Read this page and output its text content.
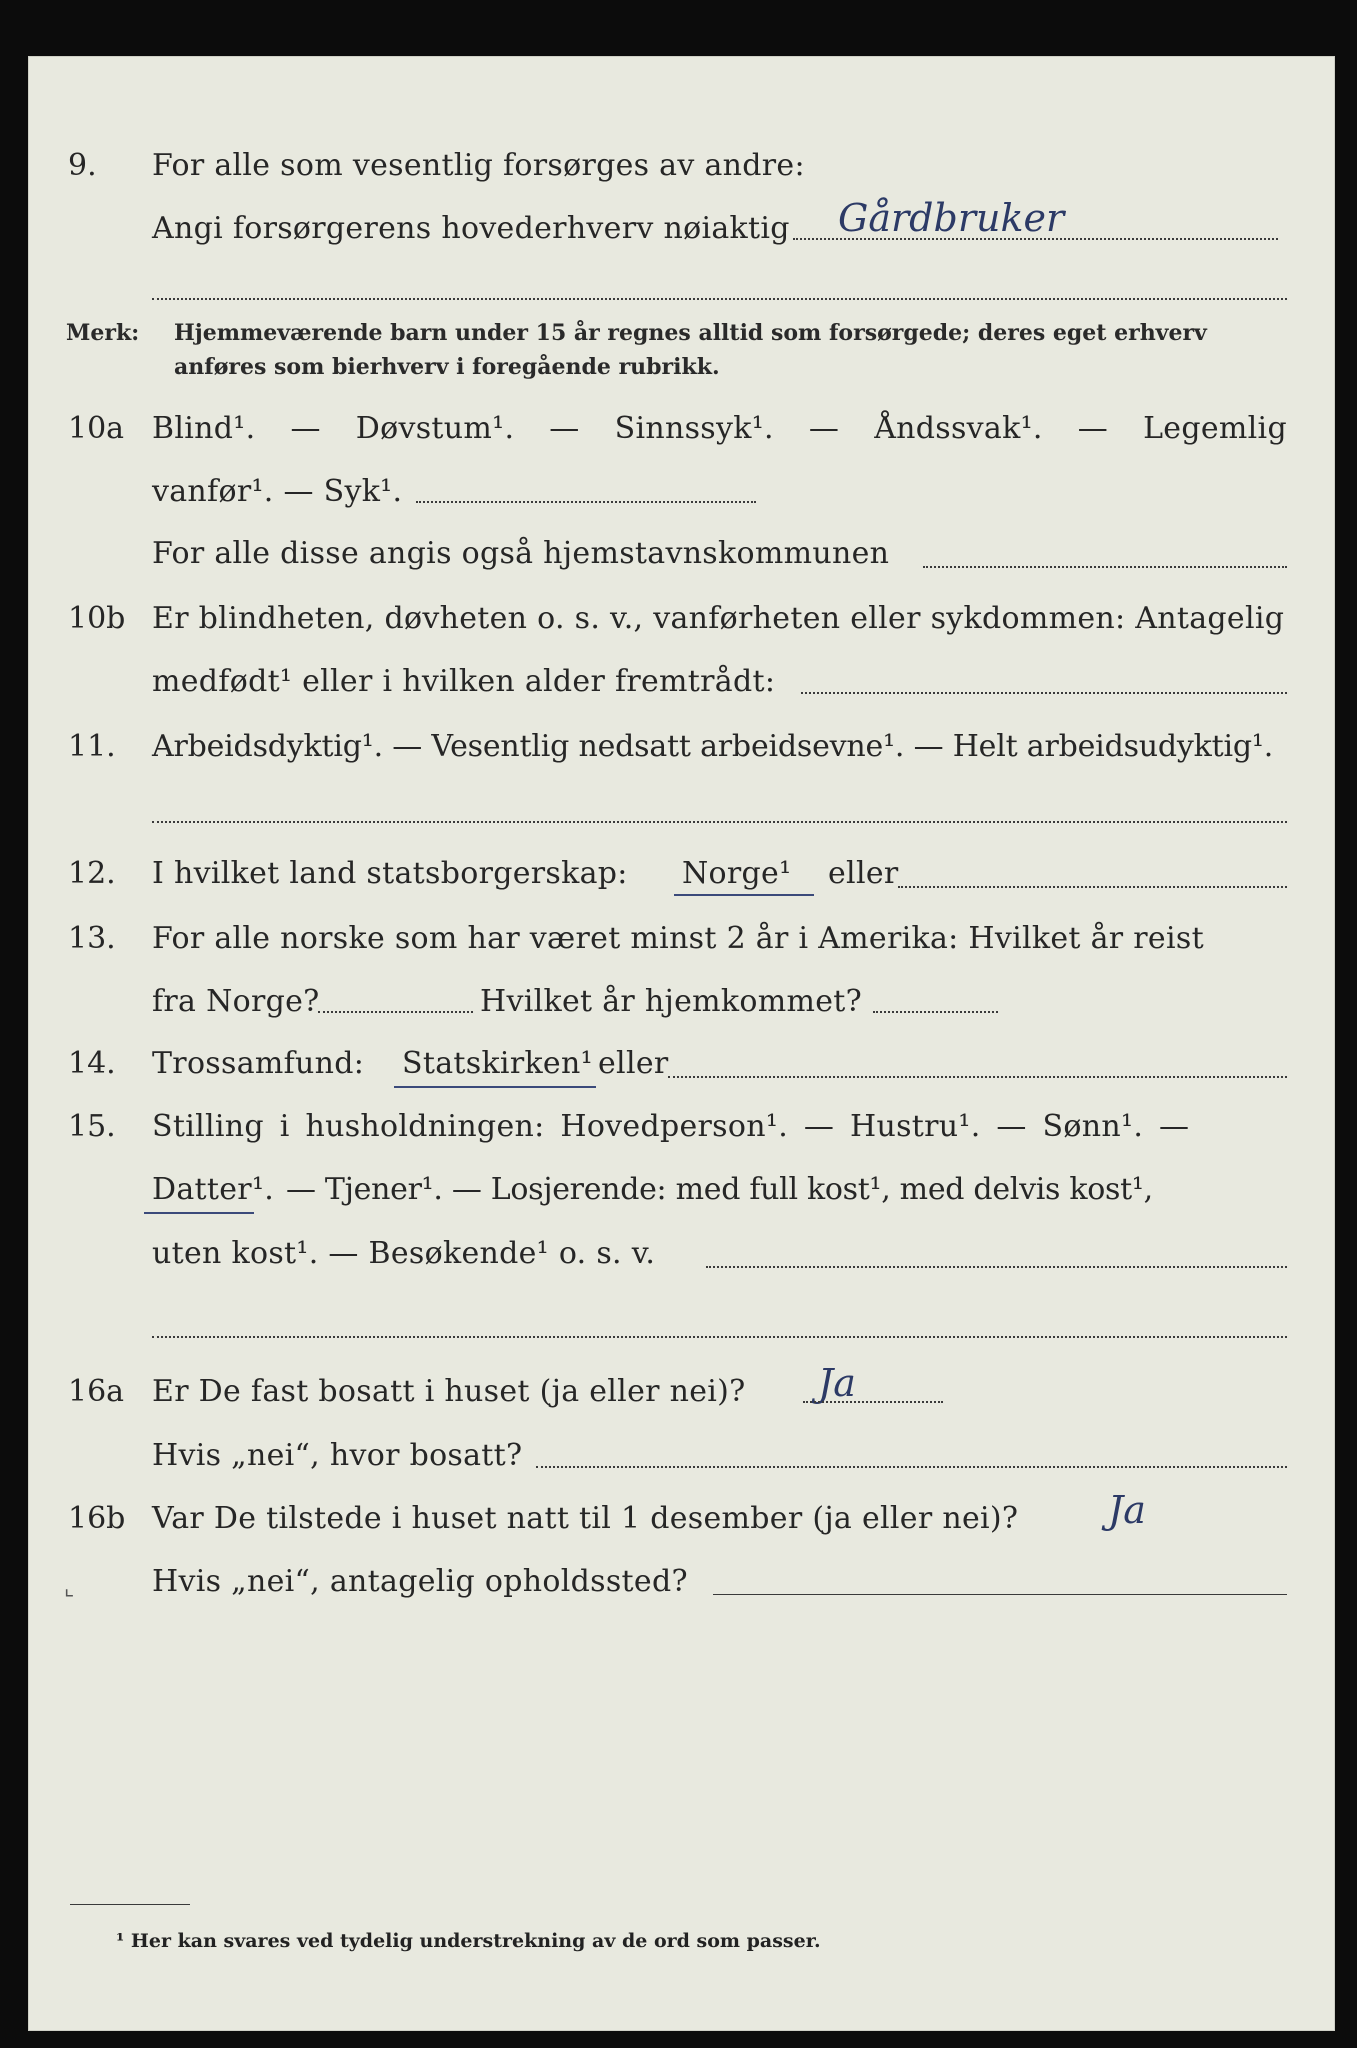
9. For alle som vesentlig forsørges av andre:
Angi forsørgerens hovederhverv nøiaktig Gårdbruker
Merk: Hjemmeværende barn under 15 år regnes alltid som forsørgede; deres eget erhverv
anføres som bierhverv i foregående rubrikk.
10a Blind¹. — Døvstum¹. — Sinnssyk¹. — Åndssvak¹. — Legemlig
vanfør¹. — Syk¹.
For alle disse angis også hjemstavnskommunen
10b Er blindheten, døvheten o. s. v., vanførheten eller sykdommen: Antagelig
medfødt¹ eller i hvilken alder fremtrådt:
11. Arbeidsdyktig¹. — Vesentlig nedsatt arbeidsevne¹. — Helt arbeidsudyktig¹.
12. I hvilket land statsborgerskap: Norge¹ eller
13. For alle norske som har været minst 2 år i Amerika: Hvilket år reist
fra Norge?	Hvilket år hjemkommet?
14. Trossamfund: Statskirken¹ eller
15. Stilling i husholdningen: Hovedperson¹. — Hustru¹. — Sønn¹. —
Datter¹. — Tjener¹. — Losjerende: med full kost¹, med delvis kost¹,
uten kost¹. — Besøkende¹ o. s. v.
16a Er De fast bosatt i huset (ja eller nei)? Ja
Hvis „nei“, hvor bosatt?
16b Var De tilstede i huset natt til 1 desember (ja eller nei)? Ja
Hvis „nei“, antagelig opholdssted?
⌞
¹ Her kan svares ved tydelig understrekning av de ord som passer.
